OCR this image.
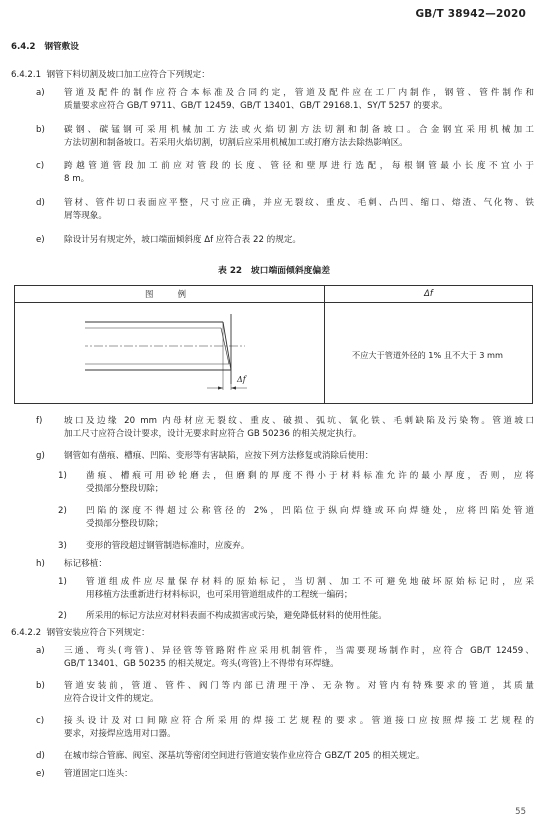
GB/T 38942—2020
6.4.2 钢管敷设
6.4.2.1 钢管下料切割及坡口加工应符合下列规定：
a) 管道及配件的制作应符合本标准及合同约定，管道及配件应在工厂内制作，钢管、管件制作和
质量要求应符合 GB/T 9711、GB/T 12459、GB/T 13401、GB/T 29168.1、SY/T 5257 的要求。
b) 碳钢、碳锰钢可采用机械加工方法或火焰切割方法切割和制备坡口。合金钢宜采用机械加工
方法切割和制备坡口。若采用火焰切割，切割后应采用机械加工或打磨方法去除热影响区。
c) 跨越管道管段加工前应对管段的长度、管径和壁厚进行选配，每根钢管最小长度不宜小于
8 m。
d) 管材、管件切口表面应平整，尺寸应正确，并应无裂纹、重皮、毛刺、凸凹、缩口、熔渣、气化物、铁
屑等现象。
e) 除设计另有规定外，坡口端面倾斜度 Δf 应符合表 22 的规定。
表 22　坡口端面倾斜度偏差
图　例	Δf
Δf
不应大于管道外径的 1% 且不大于 3 mm
f)	坡口及边缘 20 mm 内母材应无裂纹、重皮、破损、弧坑、氧化铁、毛刺缺陷及污染物。管道坡口
加工尺寸应符合设计要求，设计无要求时应符合 GB 50236 的相关规定执行。
g) 钢管如有凿痕、槽痕、凹陷、变形等有害缺陷，应按下列方法修复或消除后使用：
1) 凿痕、槽痕可用砂轮磨去，但磨剩的厚度不得小于材料标准允许的最小厚度，否则，应将
受损部分整段切除；
2) 凹陷的深度不得超过公称管径的 2%，凹陷位于纵向焊缝或环向焊缝处，应将凹陷处管道
受损部分整段切除；
3) 变形的管段超过钢管制造标准时，应废弃。
h) 标记移植：
1) 管道组成件应尽量保存材料的原始标记，当切割、加工不可避免地破坏原始标记时，应采
用移植方法重新进行材料标识，也可采用管道组成件的工程统一编码；
2) 所采用的标记方法应对材料表面不构成损害或污染，避免降低材料的使用性能。
6.4.2.2 钢管安装应符合下列规定：
a) 三通、弯头(弯管)、异径管等管路附件应采用机制管件，当需要现场制作时，应符合 GB/T 12459、
GB/T 13401、GB 50235 的相关规定。弯头(弯管)上不得带有环焊缝。
b) 管道安装前，管道、管件、阀门等内部已清理干净、无杂物。对管内有特殊要求的管道，其质量
应符合设计文件的规定。
c) 接头设计及对口间隙应符合所采用的焊接工艺规程的要求。管道接口应按照焊接工艺规程的
要求，对接焊应选用对口器。
d) 在城市综合管廊、阀室、深基坑等密闭空间进行管道安装作业应符合 GBZ/T 205 的相关规定。
e) 管道固定口连头：
55
